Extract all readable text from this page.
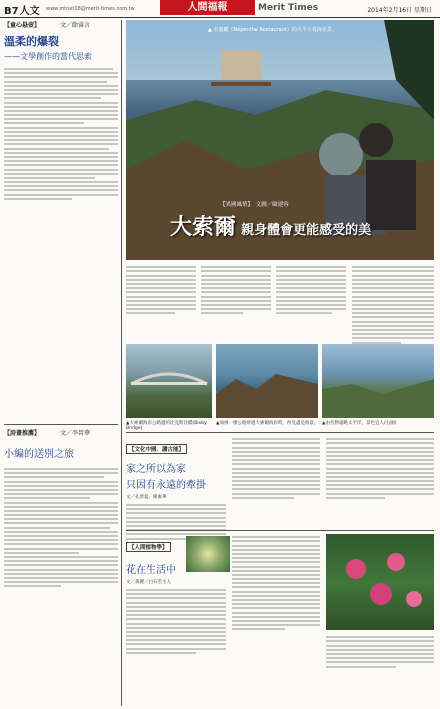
B7人文 www.mtnet18@merit-times.com.tw	人間福報	Merit Times	2014年2月16日 星期日
【童心悬壺】	文／餘睿言
溫柔的爆裂
——文學創作的當代思索
【詩畫推薦】	文／李晉華
小編的送別之旅
▲ 名餐廳《Nepenthe Restaurant》的大平台賞海美景。
【異國風情】　 文圖／歐建容
大索爾 親身體會更能感受的美
▲大索爾海岸公路邊的比克斯比橋(Bixby Bridge)
▲加州一號公路經過大索爾海岸時，所見盡是海景。 ▲由名勝遠眺太平洋，景色宜人(右圖)
【文化中國．讀古能】
家之所以為家
只因有永遠的牽掛
文／孔唐夏．陳素華
【人間植物學】
花在生活中
文／黃麗／白石若主人
